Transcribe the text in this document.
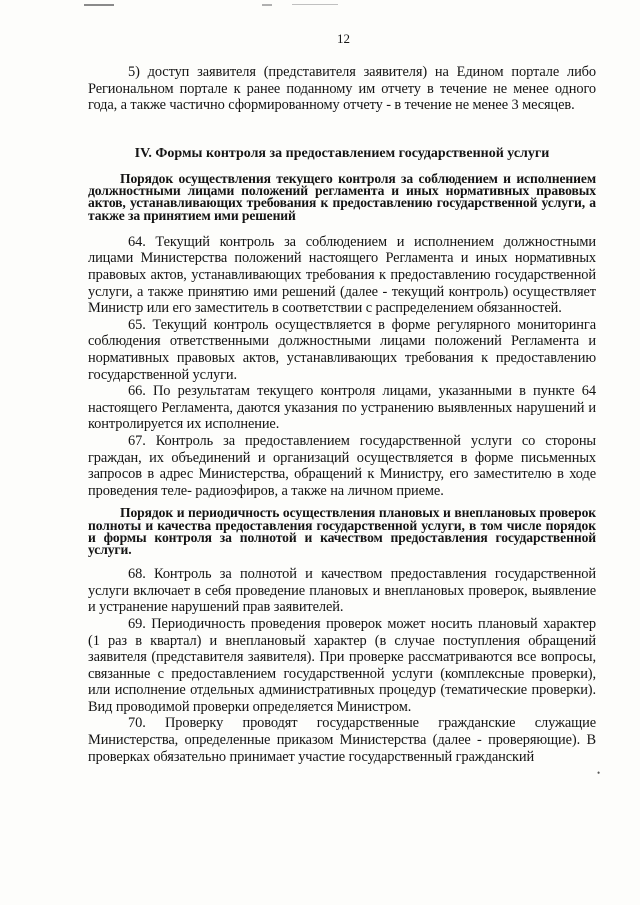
12

5) доступ заявителя (представителя заявителя) на Едином портале либо Региональном портале к ранее поданному им отчету в течение не менее одного года, а также частично сформированному отчету - в течение не менее 3 месяцев.

IV. Формы контроля за предоставлением государственной услуги

Порядок осуществления текущего контроля за соблюдением и исполнением должностными лицами положений регламента и иных нормативных правовых актов, устанавливающих требования к предоставлению государственной услуги, а также за принятием ими решений

64. Текущий контроль за соблюдением и исполнением должностными лицами Министерства положений настоящего Регламента и иных нормативных правовых актов, устанавливающих требования к предоставлению государственной услуги, а также принятию ими решений (далее - текущий контроль) осуществляет Министр или его заместитель в соответствии с распределением обязанностей.

65. Текущий контроль осуществляется в форме регулярного мониторинга соблюдения ответственными должностными лицами положений Регламента и нормативных правовых актов, устанавливающих требования к предоставлению государственной услуги.

66. По результатам текущего контроля лицами, указанными в пункте 64 настоящего Регламента, даются указания по устранению выявленных нарушений и контролируется их исполнение.

67. Контроль за предоставлением государственной услуги со стороны граждан, их объединений и организаций осуществляется в форме письменных запросов в адрес Министерства, обращений к Министру, его заместителю в ходе проведения теле- радиоэфиров, а также на личном приеме.

Порядок и периодичность осуществления плановых и внеплановых проверок полноты и качества предоставления государственной услуги, в том числе порядок и формы контроля за полнотой и качеством предоставления государственной услуги.

68. Контроль за полнотой и качеством предоставления государственной услуги включает в себя проведение плановых и внеплановых проверок, выявление и устранение нарушений прав заявителей.

69. Периодичность проведения проверок может носить плановый характер (1 раз в квартал) и внеплановый характер (в случае поступления обращений заявителя (представителя заявителя). При проверке рассматриваются все вопросы, связанные с предоставлением государственной услуги (комплексные проверки), или исполнение отдельных административных процедур (тематические проверки). Вид проводимой проверки определяется Министром.

70. Проверку проводят государственные гражданские служащие Министерства, определенные приказом Министерства (далее - проверяющие). В проверках обязательно принимает участие государственный гражданский

•
